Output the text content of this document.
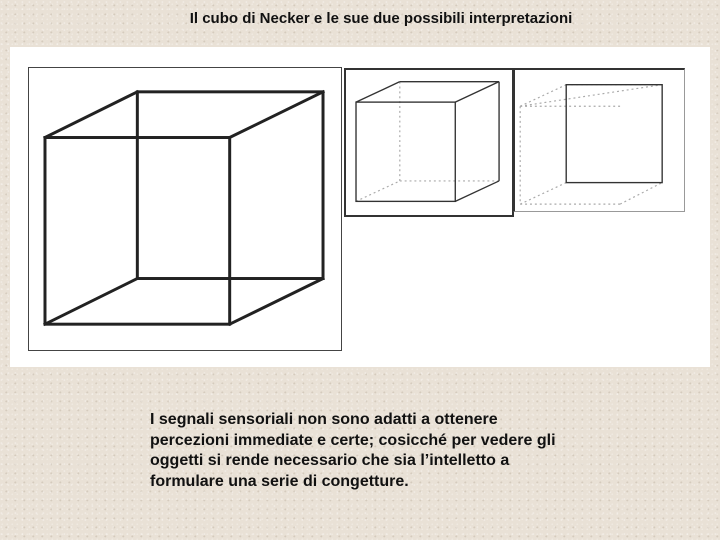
Il cubo di Necker e le sue due possibili interpretazioni

I segnali sensoriali non sono adatti a ottenere percezioni immediate e certe; cosicché per vedere gli oggetti si rende necessario che sia l’intelletto a formulare una serie di congetture.
